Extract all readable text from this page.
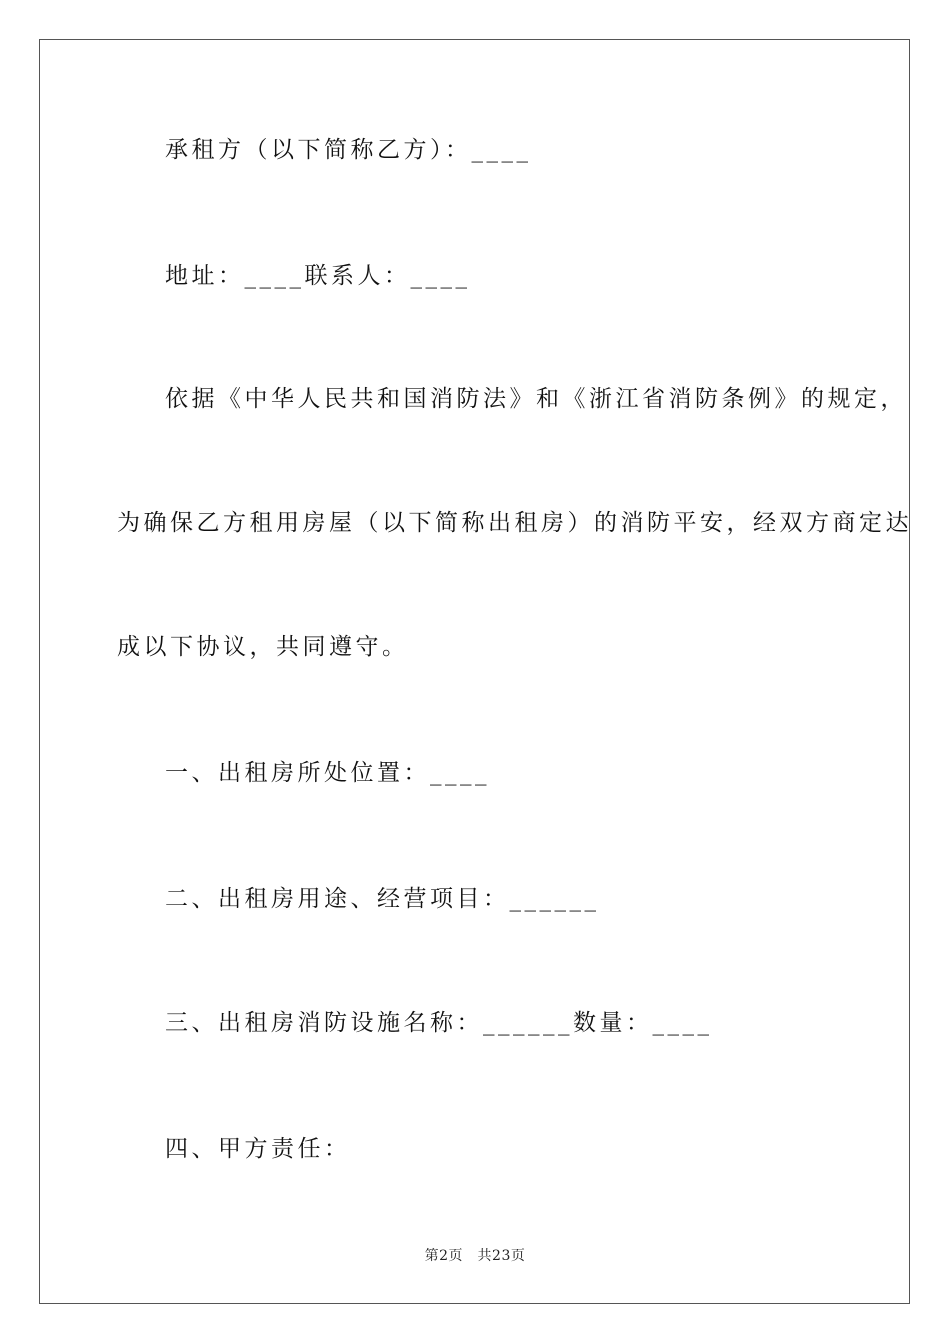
承租方（以下简称乙方）：____
地址：____联系人：____
依据《中华人民共和国消防法》和《浙江省消防条例》的规定，
为确保乙方租用房屋（以下简称出租房）的消防平安，经双方商定达
成以下协议，共同遵守。
一、出租房所处位置：____
二、出租房用途、经营项目：______
三、出租房消防设施名称：______数量：____
四、甲方责任：
第2页　共23页
